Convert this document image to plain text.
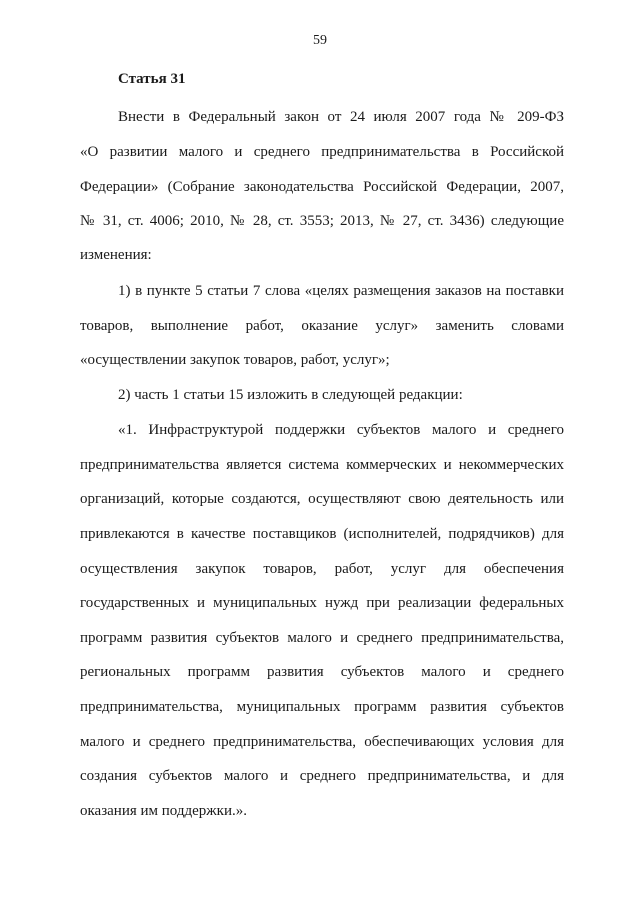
59
Статья 31
Внести в Федеральный закон от 24 июля 2007 года № 209-ФЗ
«О развитии малого и среднего предпринимательства в Российской
Федерации» (Собрание законодательства Российской Федерации, 2007,
№ 31, ст. 4006; 2010, № 28, ст. 3553; 2013, № 27, ст. 3436) следующие
изменения:
1) в пункте 5 статьи 7 слова «целях размещения заказов на поставки
товаров, выполнение работ, оказание услуг» заменить словами
«осуществлении закупок товаров, работ, услуг»;
2) часть 1 статьи 15 изложить в следующей редакции:
«1. Инфраструктурой поддержки субъектов малого и среднего
предпринимательства является система коммерческих и некоммерческих
организаций, которые создаются, осуществляют свою деятельность или
привлекаются в качестве поставщиков (исполнителей, подрядчиков) для
осуществления закупок товаров, работ, услуг для обеспечения
государственных и муниципальных нужд при реализации федеральных
программ развития субъектов малого и среднего предпринимательства,
региональных программ развития субъектов малого и среднего
предпринимательства, муниципальных программ развития субъектов
малого и среднего предпринимательства, обеспечивающих условия для
создания субъектов малого и среднего предпринимательства, и для
оказания им поддержки.».
